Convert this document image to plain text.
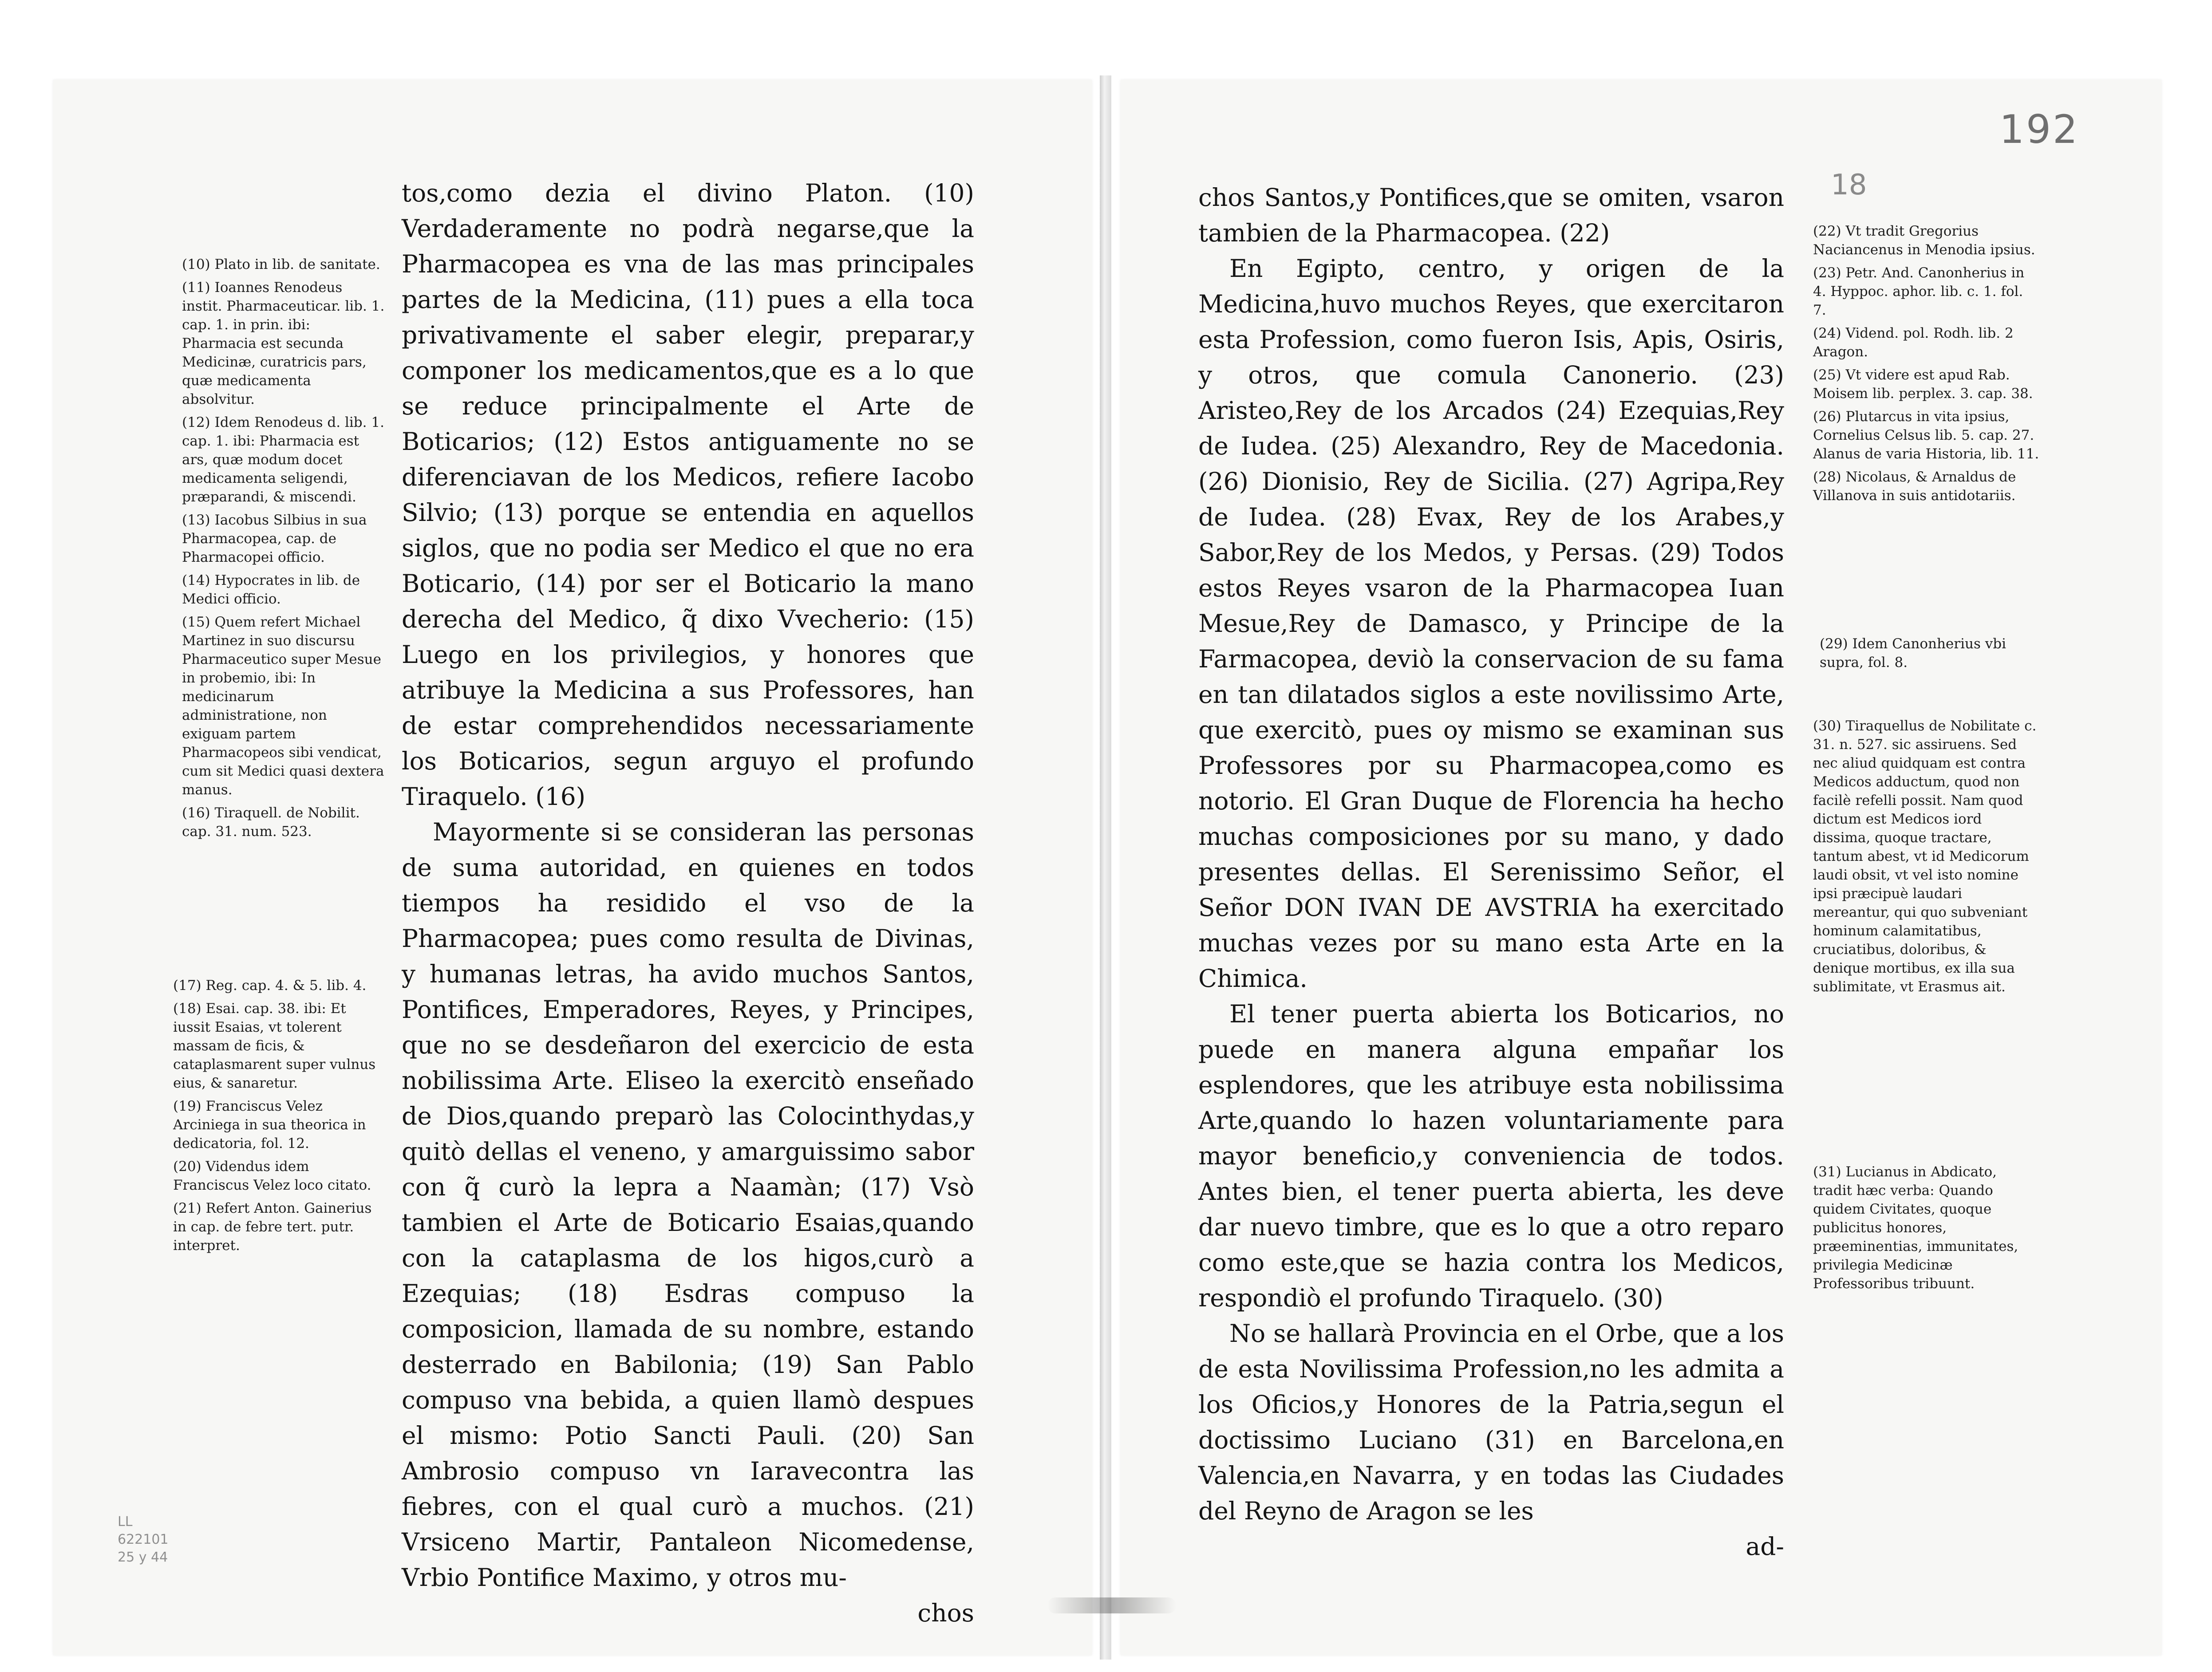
192
18
LL
622101
25 y 44

tos,como dezia el divino Platon. (10) Verdaderamente no podrà negarse,que la Pharmacopea es vna de las mas principales partes de la Medicina, (11) pues a ella toca privativamente el saber elegir, preparar,y componer los medicamentos,que es a lo que se reduce principalmente el Arte de Boticarios; (12) Estos antiguamente no se diferenciavan de los Medicos, refiere Iacobo Silvio; (13) porque se entendia en aquellos siglos, que no podia ser Medico el que no era Boticario, (14) por ser el Boticario la mano derecha del Medico, q̃ dixo Vvecherio: (15) Luego en los privilegios, y honores que atribuye la Medicina a sus Professores, han de estar comprehendidos necessariamente los Boticarios, segun arguyo el profundo Tiraquelo. (16)

Mayormente si se consideran las personas de suma autoridad, en quienes en todos tiempos ha residido el vso de la Pharmacopea; pues como resulta de Divinas, y humanas letras, ha avido muchos Santos, Pontifices, Emperadores, Reyes, y Principes, que no se desdeñaron del exercicio de esta nobilissima Arte. Eliseo la exercitò enseñado de Dios,quando preparò las Colocinthydas,y quitò dellas el veneno, y amarguissimo sabor con q̃ curò la lepra a Naamàn; (17) Vsò tambien el Arte de Boticario Esaias,quando con la cataplasma de los higos,curò a Ezequias; (18) Esdras compuso la composicion, llamada de su nombre, estando desterrado en Babilonia; (19) San Pablo compuso vna bebida, a quien llamò despues el mismo: Potio Sancti Pauli. (20) San Ambrosio compuso vn Iaravecontra las fiebres, con el qual curò a muchos. (21) Vrsiceno Martir, Pantaleon Nicomedense, Vrbio Pontifice Maximo, y otros mu-

chos
(10) Plato in lib. de sanitate.
(11) Ioannes Renodeus instit. Pharmaceuticar. lib. 1. cap. 1. in prin. ibi: Pharmacia est secunda Medicinæ, curatricis pars, quæ medicamenta absolvitur.
(12) Idem Renodeus d. lib. 1. cap. 1. ibi: Pharmacia est ars, quæ modum docet medicamenta seligendi, præparandi, & miscendi.
(13) Iacobus Silbius in sua Pharmacopea, cap. de Pharmacopei officio.
(14) Hypocrates in lib. de Medici officio.
(15) Quem refert Michael Martinez in suo discursu Pharmaceutico super Mesue in probemio, ibi: In medicinarum administratione, non exiguam partem Pharmacopeos sibi vendicat, cum sit Medici quasi dextera manus.
(16) Tiraquell. de Nobilit. cap. 31. num. 523.
(17) Reg. cap. 4. & 5. lib. 4.
(18) Esai. cap. 38. ibi: Et iussit Esaias, vt tolerent massam de ficis, & cataplasmarent super vulnus eius, & sanaretur.
(19) Franciscus Velez Arciniega in sua theorica in dedicatoria, fol. 12.
(20) Videndus idem Franciscus Velez loco citato.
(21) Refert Anton. Gainerius in cap. de febre tert. putr. interpret.

chos Santos,y Pontifices,que se omiten, vsaron tambien de la Pharmacopea. (22)

En Egipto, centro, y origen de la Medicina,huvo muchos Reyes, que exercitaron esta Profession, como fueron Isis, Apis, Osiris, y otros, que comula Canonerio. (23) Aristeo,Rey de los Arcados (24) Ezequias,Rey de Iudea. (25) Alexandro, Rey de Macedonia. (26) Dionisio, Rey de Sicilia. (27) Agripa,Rey de Iudea. (28) Evax, Rey de los Arabes,y Sabor,Rey de los Medos, y Persas. (29) Todos estos Reyes vsaron de la Pharmacopea Iuan Mesue,Rey de Damasco, y Principe de la Farmacopea, deviò la conservacion de su fama en tan dilatados siglos a este novilissimo Arte, que exercitò, pues oy mismo se examinan sus Professores por su Pharmacopea,como es notorio. El Gran Duque de Florencia ha hecho muchas composiciones por su mano, y dado presentes dellas. El Serenissimo Señor, el Señor DON IVAN DE AVSTRIA ha exercitado muchas vezes por su mano esta Arte en la Chimica.

El tener puerta abierta los Boticarios, no puede en manera alguna empañar los esplendores, que les atribuye esta nobilissima Arte,quando lo hazen voluntariamente para mayor beneficio,y conveniencia de todos. Antes bien, el tener puerta abierta, les deve dar nuevo timbre, que es lo que a otro reparo como este,que se hazia contra los Medicos, respondiò el profundo Tiraquelo. (30)

No se hallarà Provincia en el Orbe, que a los de esta Novilissima Profession,no les admita a los Oficios,y Honores de la Patria,segun el doctissimo Luciano (31) en Barcelona,en Valencia,en Navarra, y en todas las Ciudades del Reyno de Aragon se les

ad-
(22) Vt tradit Gregorius Naciancenus in Menodia ipsius.
(23) Petr. And. Canonherius in 4. Hyppoc. aphor. lib. c. 1. fol. 7.
(24) Vidend. pol. Rodh. lib. 2 Aragon.
(25) Vt videre est apud Rab. Moisem lib. perplex. 3. cap. 38.
(26) Plutarcus in vita ipsius, Cornelius Celsus lib. 5. cap. 27. Alanus de varia Historia, lib. 11.
(28) Nicolaus, & Arnaldus de Villanova in suis antidotariis.
(29) Idem Canonherius vbi supra, fol. 8.
(30) Tiraquellus de Nobilitate c. 31. n. 527. sic assiruens. Sed nec aliud quidquam est contra Medicos adductum, quod non facilè refelli possit. Nam quod dictum est Medicos iord dissima, quoque tractare, tantum abest, vt id Medicorum laudi obsit, vt vel isto nomine ipsi præcipuè laudari mereantur, qui quo subveniant hominum calamitatibus, cruciatibus, doloribus, & denique mortibus, ex illa sua sublimitate, vt Erasmus ait.
(31) Lucianus in Abdicato, tradit hæc verba: Quando quidem Civitates, quoque publicitus honores, præeminentias, immunitates, privilegia Medicinæ Professoribus tribuunt.
